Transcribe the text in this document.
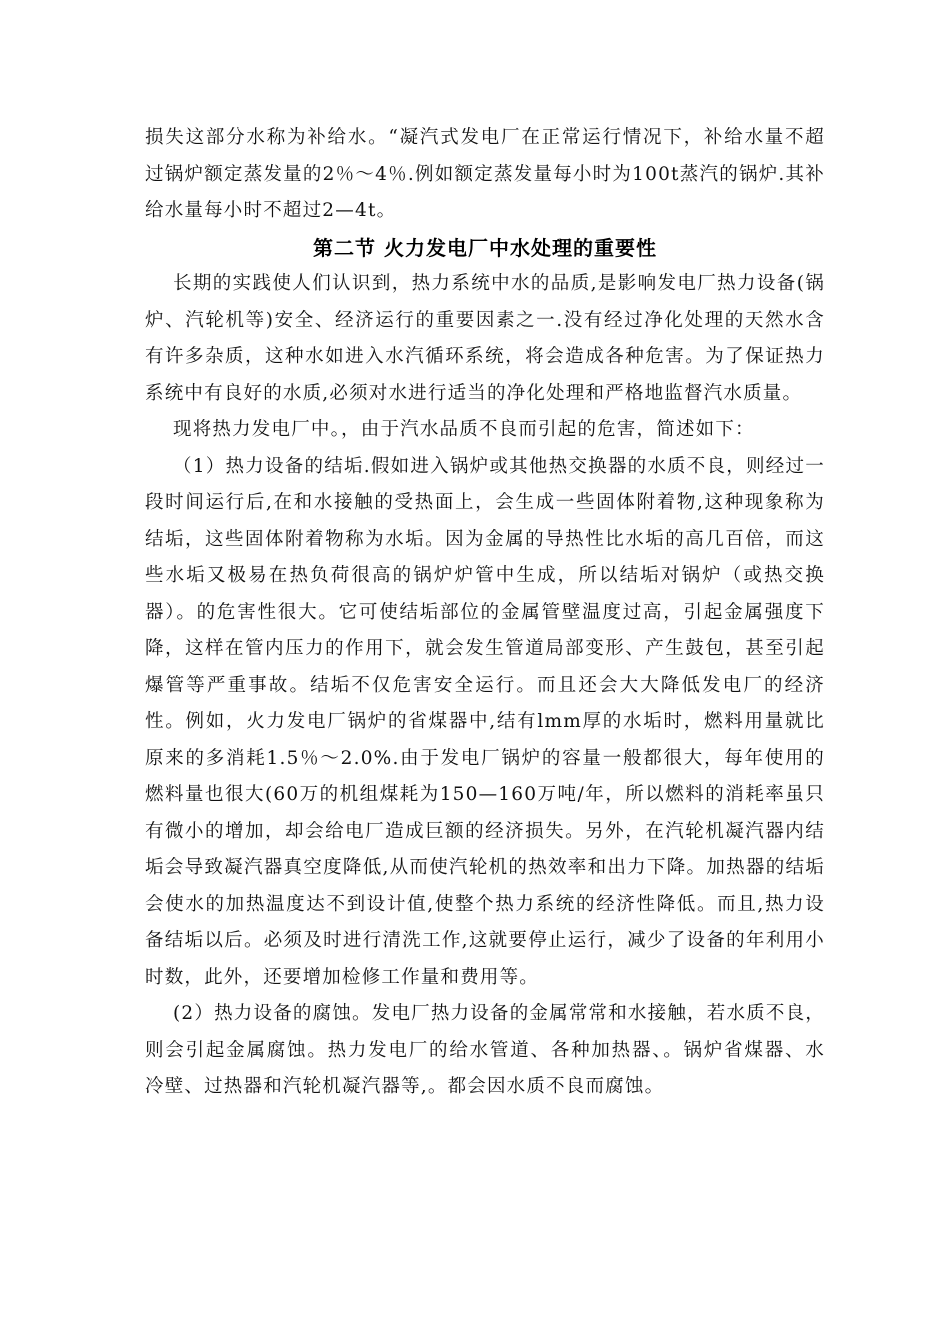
损失这部分水称为补给水。“凝汽式发电厂在正常运行情况下，补给水量不超过锅炉额定蒸发量的2％～4％.例如额定蒸发量每小时为100t蒸汽的锅炉.其补给水量每小时不超过2—4t。

第二节 火力发电厂中水处理的重要性

长期的实践使人们认识到，热力系统中水的品质,是影响发电厂热力设备(锅炉、汽轮机等)安全、经济运行的重要因素之一.没有经过净化处理的天然水含有许多杂质，这种水如进入水汽循环系统，将会造成各种危害。为了保证热力系统中有良好的水质,必须对水进行适当的净化处理和严格地监督汽水质量。

现将热力发电厂中。，由于汽水品质不良而引起的危害，简述如下：

（1）热力设备的结垢.假如进入锅炉或其他热交换器的水质不良，则经过一段时间运行后,在和水接触的受热面上，会生成一些固体附着物,这种现象称为结垢，这些固体附着物称为水垢。因为金属的导热性比水垢的高几百倍，而这些水垢又极易在热负荷很高的锅炉炉管中生成，所以结垢对锅炉（或热交换器）。的危害性很大。它可使结垢部位的金属管壁温度过高，引起金属强度下降，这样在管内压力的作用下，就会发生管道局部变形、产生鼓包，甚至引起爆管等严重事故。结垢不仅危害安全运行。而且还会大大降低发电厂的经济性。例如，火力发电厂锅炉的省煤器中,结有lmm厚的水垢时，燃料用量就比原来的多消耗1.5％～2.0%.由于发电厂锅炉的容量一般都很大，每年使用的燃料量也很大(60万的机组煤耗为150—160万吨/年，所以燃料的消耗率虽只有微小的增加，却会给电厂造成巨额的经济损失。另外，在汽轮机凝汽器内结垢会导致凝汽器真空度降低,从而使汽轮机的热效率和出力下降。加热器的结垢会使水的加热温度达不到设计值,使整个热力系统的经济性降低。而且,热力设备结垢以后。必须及时进行清洗工作,这就要停止运行，减少了设备的年利用小时数，此外，还要增加检修工作量和费用等。

(2）热力设备的腐蚀。发电厂热力设备的金属常常和水接触，若水质不良，则会引起金属腐蚀。热力发电厂的给水管道、各种加热器、。锅炉省煤器、水冷壁、过热器和汽轮机凝汽器等,。都会因水质不良而腐蚀。
